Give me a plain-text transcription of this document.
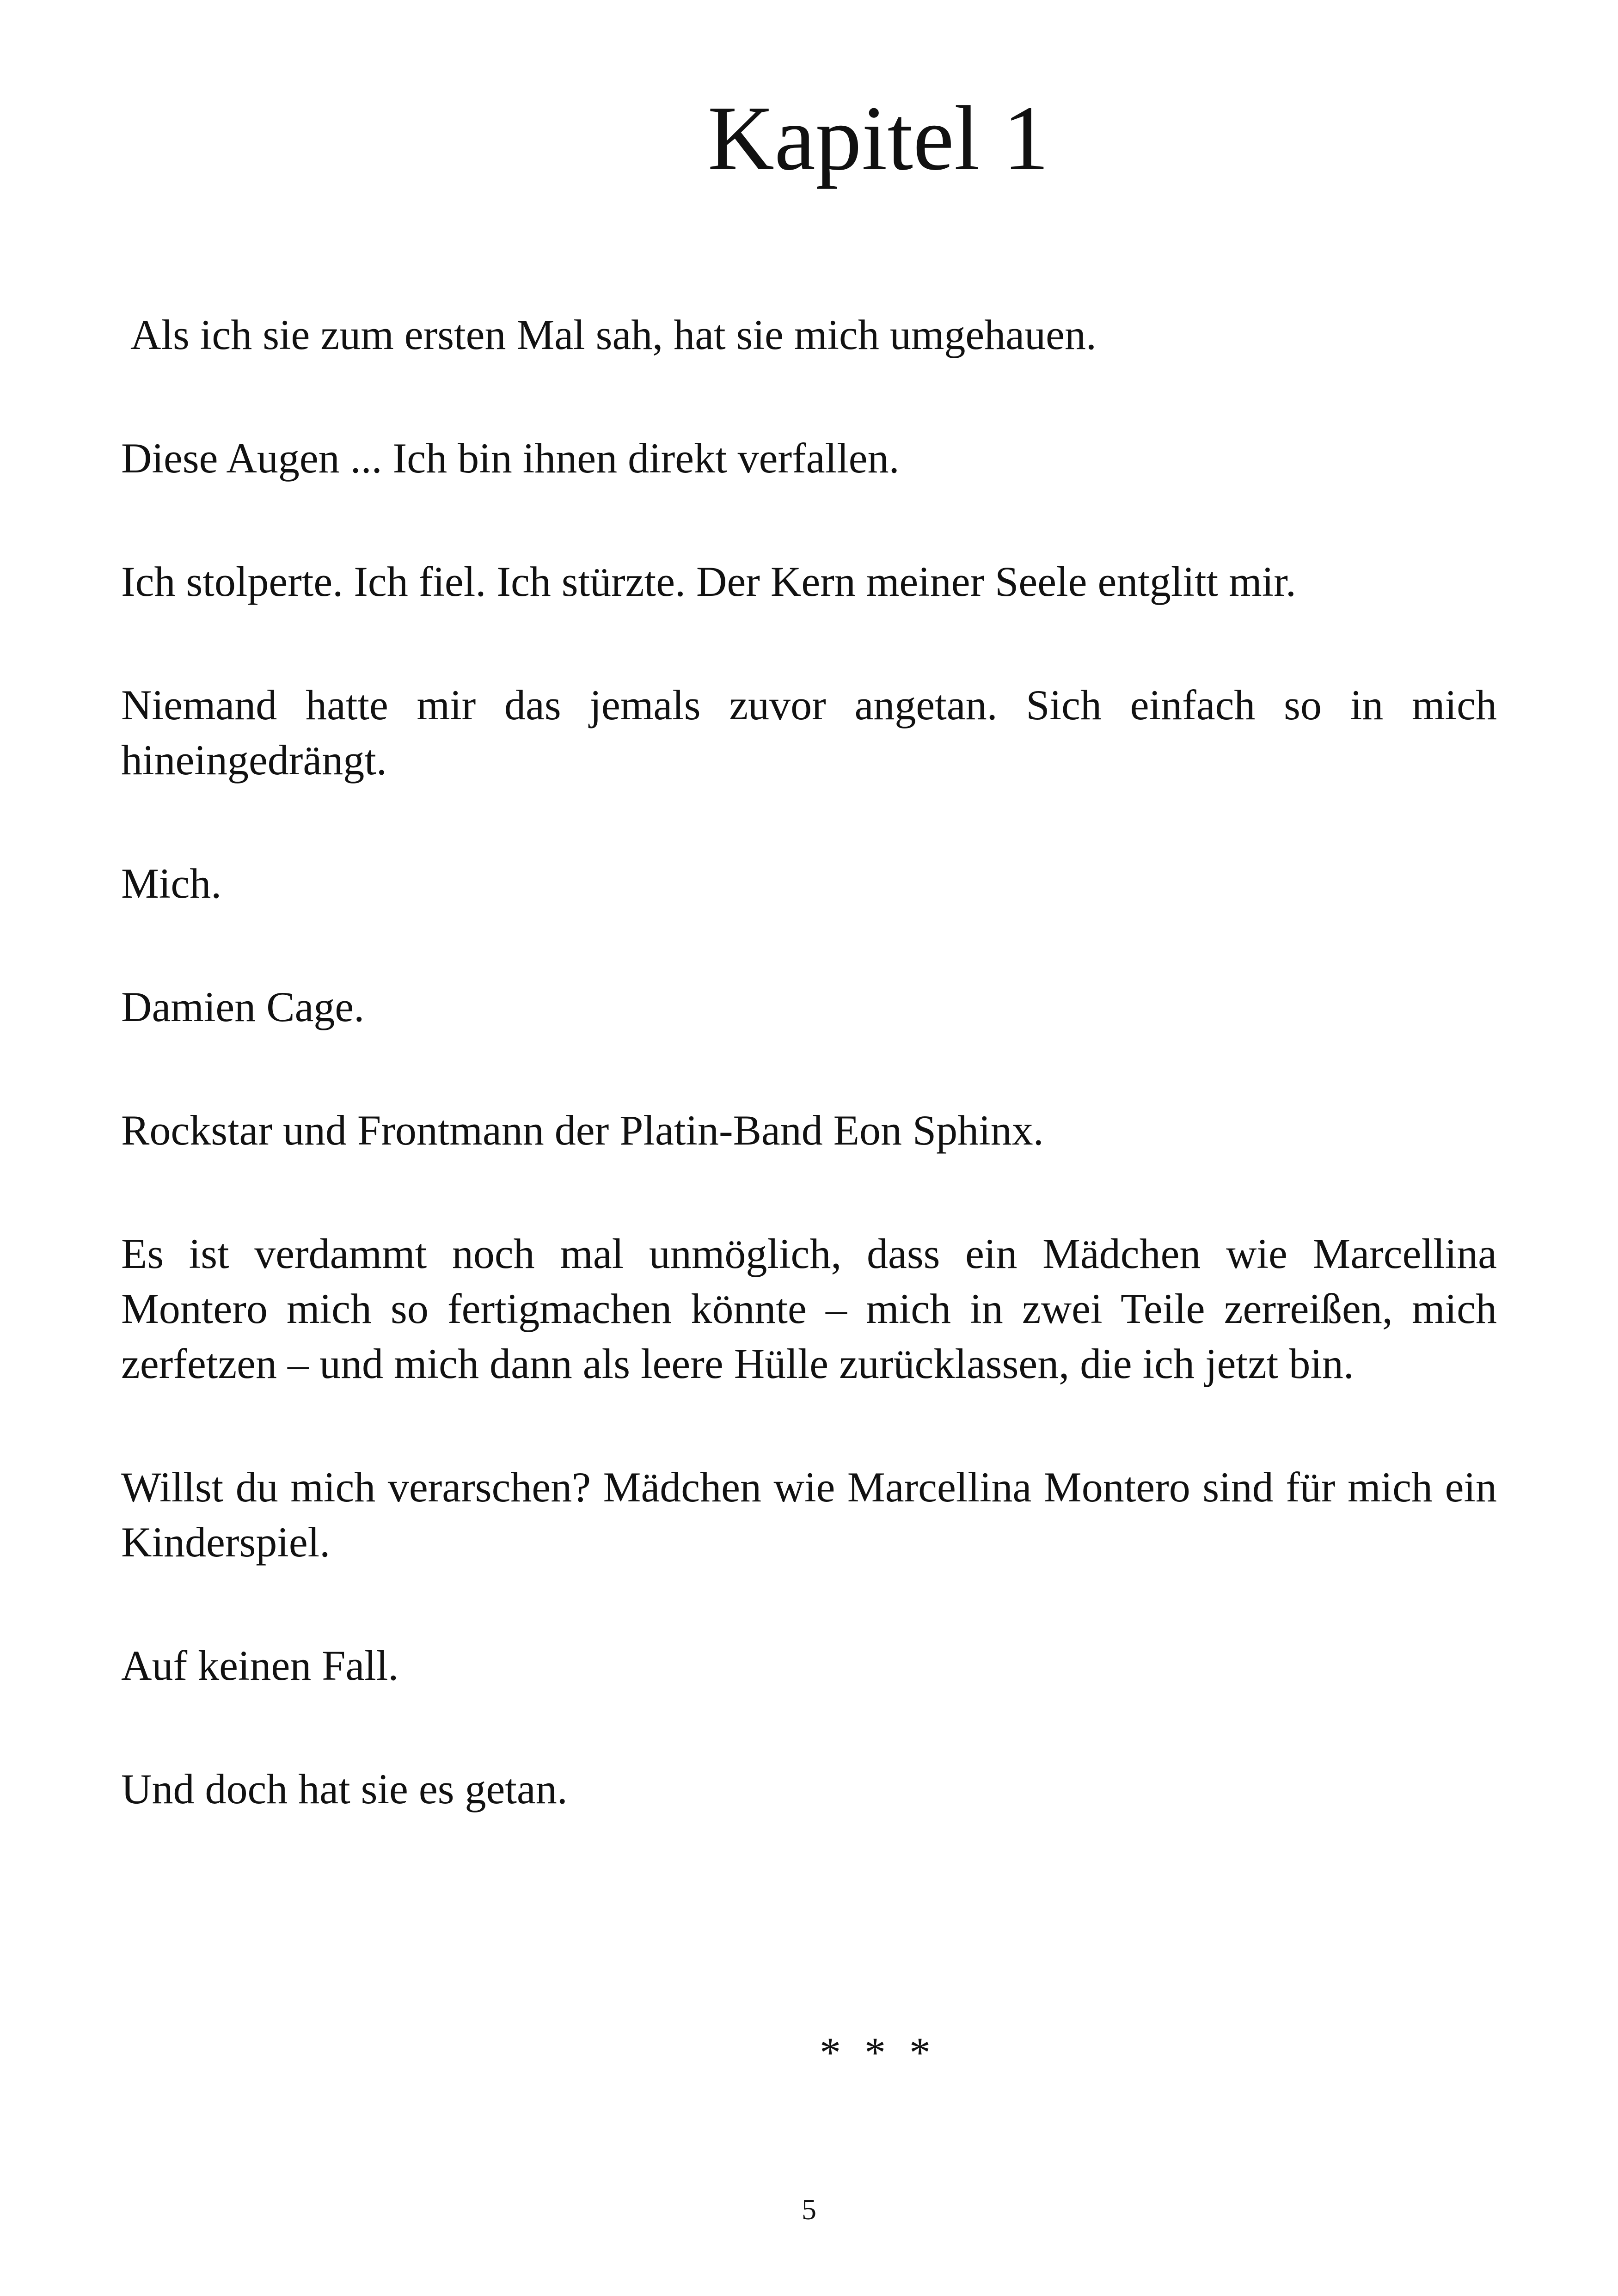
Kapitel 1

Als ich sie zum ersten Mal sah, hat sie mich umgehauen.

Diese Augen ... Ich bin ihnen direkt verfallen.

Ich stolperte. Ich fiel. Ich stürzte. Der Kern meiner Seele entglitt mir.

Niemand hatte mir das jemals zuvor angetan. Sich einfach so in mich hineingedrängt.

Mich.

Damien Cage.

Rockstar und Frontmann der Platin-Band Eon Sphinx.

Es ist verdammt noch mal unmöglich, dass ein Mädchen wie Marcellina Montero mich so fertigmachen könnte – mich in zwei Teile zerreißen, mich zerfetzen – und mich dann als leere Hülle zurücklassen, die ich jetzt bin.

Willst du mich verarschen? Mädchen wie Marcellina Montero sind für mich ein Kinderspiel.

Auf keinen Fall.

Und doch hat sie es getan.

* * *
5
